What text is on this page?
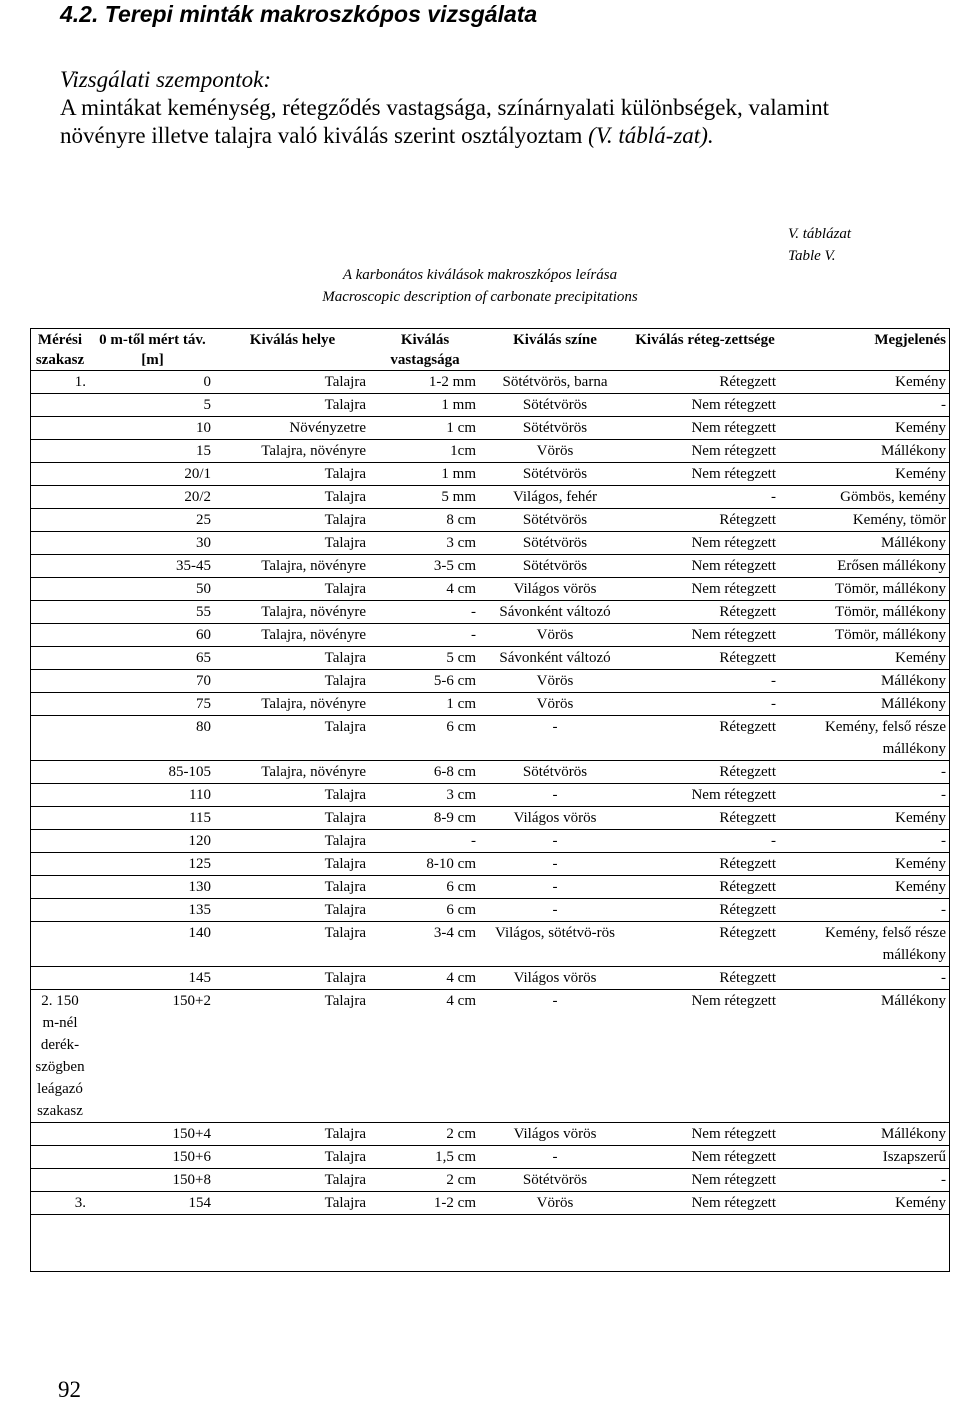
4.2. Terepi minták makroszkópos vizsgálata
Vizsgálati szempontok:
A mintákat keménység, rétegződés vastagsága, színárnyalati különbségek, valamint növényre illetve talajra való kiválás szerint osztályoztam (V. táblá-zat).
V. táblázat
Table V.
A karbonátos kiválások makroszkópos leírása
Macroscopic description of carbonate precipitations
Mérési szakasz	0 m-től mért táv. [m]	Kiválás helye	Kiválás vastagsága	Kiválás színe	Kiválás réteg-zettsége	Megjelenés
1.	0	Talajra	1-2 mm	Sötétvörös, barna	Rétegzett	Kemény
	5	Talajra	1 mm	Sötétvörös	Nem rétegzett	-
	10	Növényzetre	1 cm	Sötétvörös	Nem rétegzett	Kemény
	15	Talajra, növényre	1cm	Vörös	Nem rétegzett	Mállékony
	20/1	Talajra	1 mm	Sötétvörös	Nem rétegzett	Kemény
	20/2	Talajra	5 mm	Világos, fehér	-	Gömbös, kemény
	25	Talajra	8 cm	Sötétvörös	Rétegzett	Kemény, tömör
	30	Talajra	3 cm	Sötétvörös	Nem rétegzett	Mállékony
	35-45	Talajra, növényre	3-5 cm	Sötétvörös	Nem rétegzett	Erősen mállékony
	50	Talajra	4 cm	Világos vörös	Nem rétegzett	Tömör, mállékony
	55	Talajra, növényre	-	Sávonként változó	Rétegzett	Tömör, mállékony
	60	Talajra, növényre	-	Vörös	Nem rétegzett	Tömör, mállékony
	65	Talajra	5 cm	Sávonként változó	Rétegzett	Kemény
	70	Talajra	5-6 cm	Vörös	-	Mállékony
	75	Talajra, növényre	1 cm	Vörös	-	Mállékony
	80	Talajra	6 cm	-	Rétegzett	Kemény, felső része mállékony
	85-105	Talajra, növényre	6-8 cm	Sötétvörös	Rétegzett	-
	110	Talajra	3 cm	-	Nem rétegzett	-
	115	Talajra	8-9 cm	Világos vörös	Rétegzett	Kemény
	120	Talajra	-	-	-	-
	125	Talajra	8-10 cm	-	Rétegzett	Kemény
	130	Talajra	6 cm	-	Rétegzett	Kemény
	135	Talajra	6 cm	-	Rétegzett	-
	140	Talajra	3-4 cm	Világos, sötétvö-rös	Rétegzett	Kemény, felső része mállékony
	145	Talajra	4 cm	Világos vörös	Rétegzett	-
2. 150 m-nél derék-szögben leágazó szakasz	150+2	Talajra	4 cm	-	Nem rétegzett	Mállékony
	150+4	Talajra	2 cm	Világos vörös	Nem rétegzett	Mállékony
	150+6	Talajra	1,5 cm	-	Nem rétegzett	Iszapszerű
	150+8	Talajra	2 cm	Sötétvörös	Nem rétegzett	-
3.	154	Talajra	1-2 cm	Vörös	Nem rétegzett	Kemény
92
